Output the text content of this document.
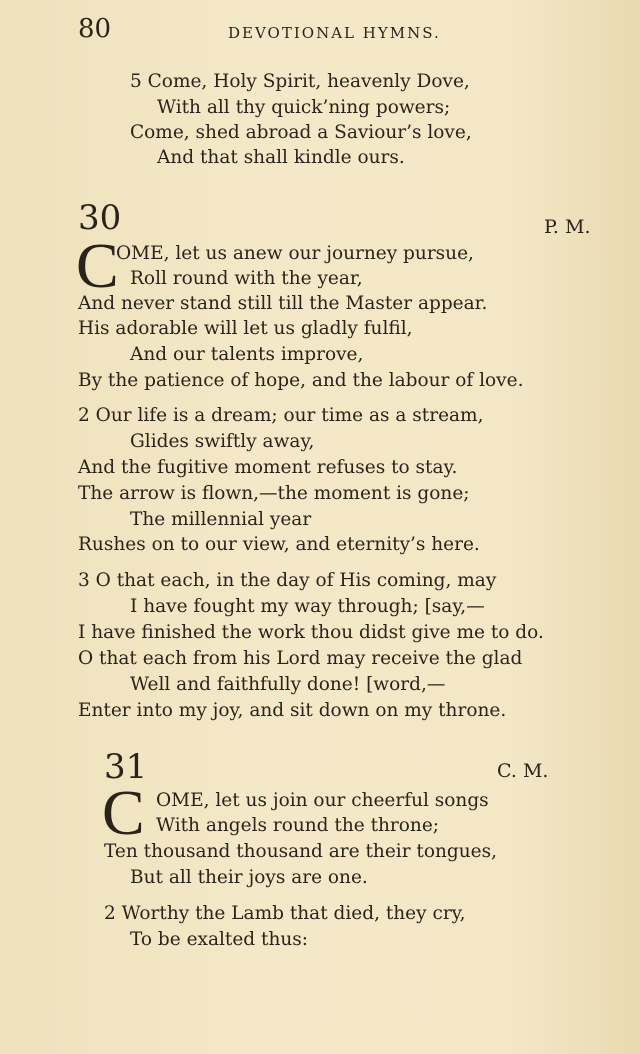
80	DEVOTIONAL HYMNS.
5 Come, Holy Spirit, heavenly Dove,
With all thy quick’ning powers;
Come, shed abroad a Saviour’s love,
And that shall kindle ours.
30	P. M.
C
OME, let us anew our journey pursue,
Roll round with the year,
And never stand still till the Master appear.
His adorable will let us gladly fulfil,
And our talents improve,
By the patience of hope, and the labour of love.
2 Our life is a dream; our time as a stream,
Glides swiftly away,
And the fugitive moment refuses to stay.
The arrow is flown,—the moment is gone;
The millennial year
Rushes on to our view, and eternity’s here.
3 O that each, in the day of His coming, may
I have fought my way through; [say,—
I have finished the work thou didst give me to do.
O that each from his Lord may receive the glad
Well and faithfully done! [word,—
Enter into my joy, and sit down on my throne.
31	C. M.
C OME, let us join our cheerful songs
With angels round the throne;
Ten thousand thousand are their tongues,
But all their joys are one.
2 Worthy the Lamb that died, they cry,
To be exalted thus:
